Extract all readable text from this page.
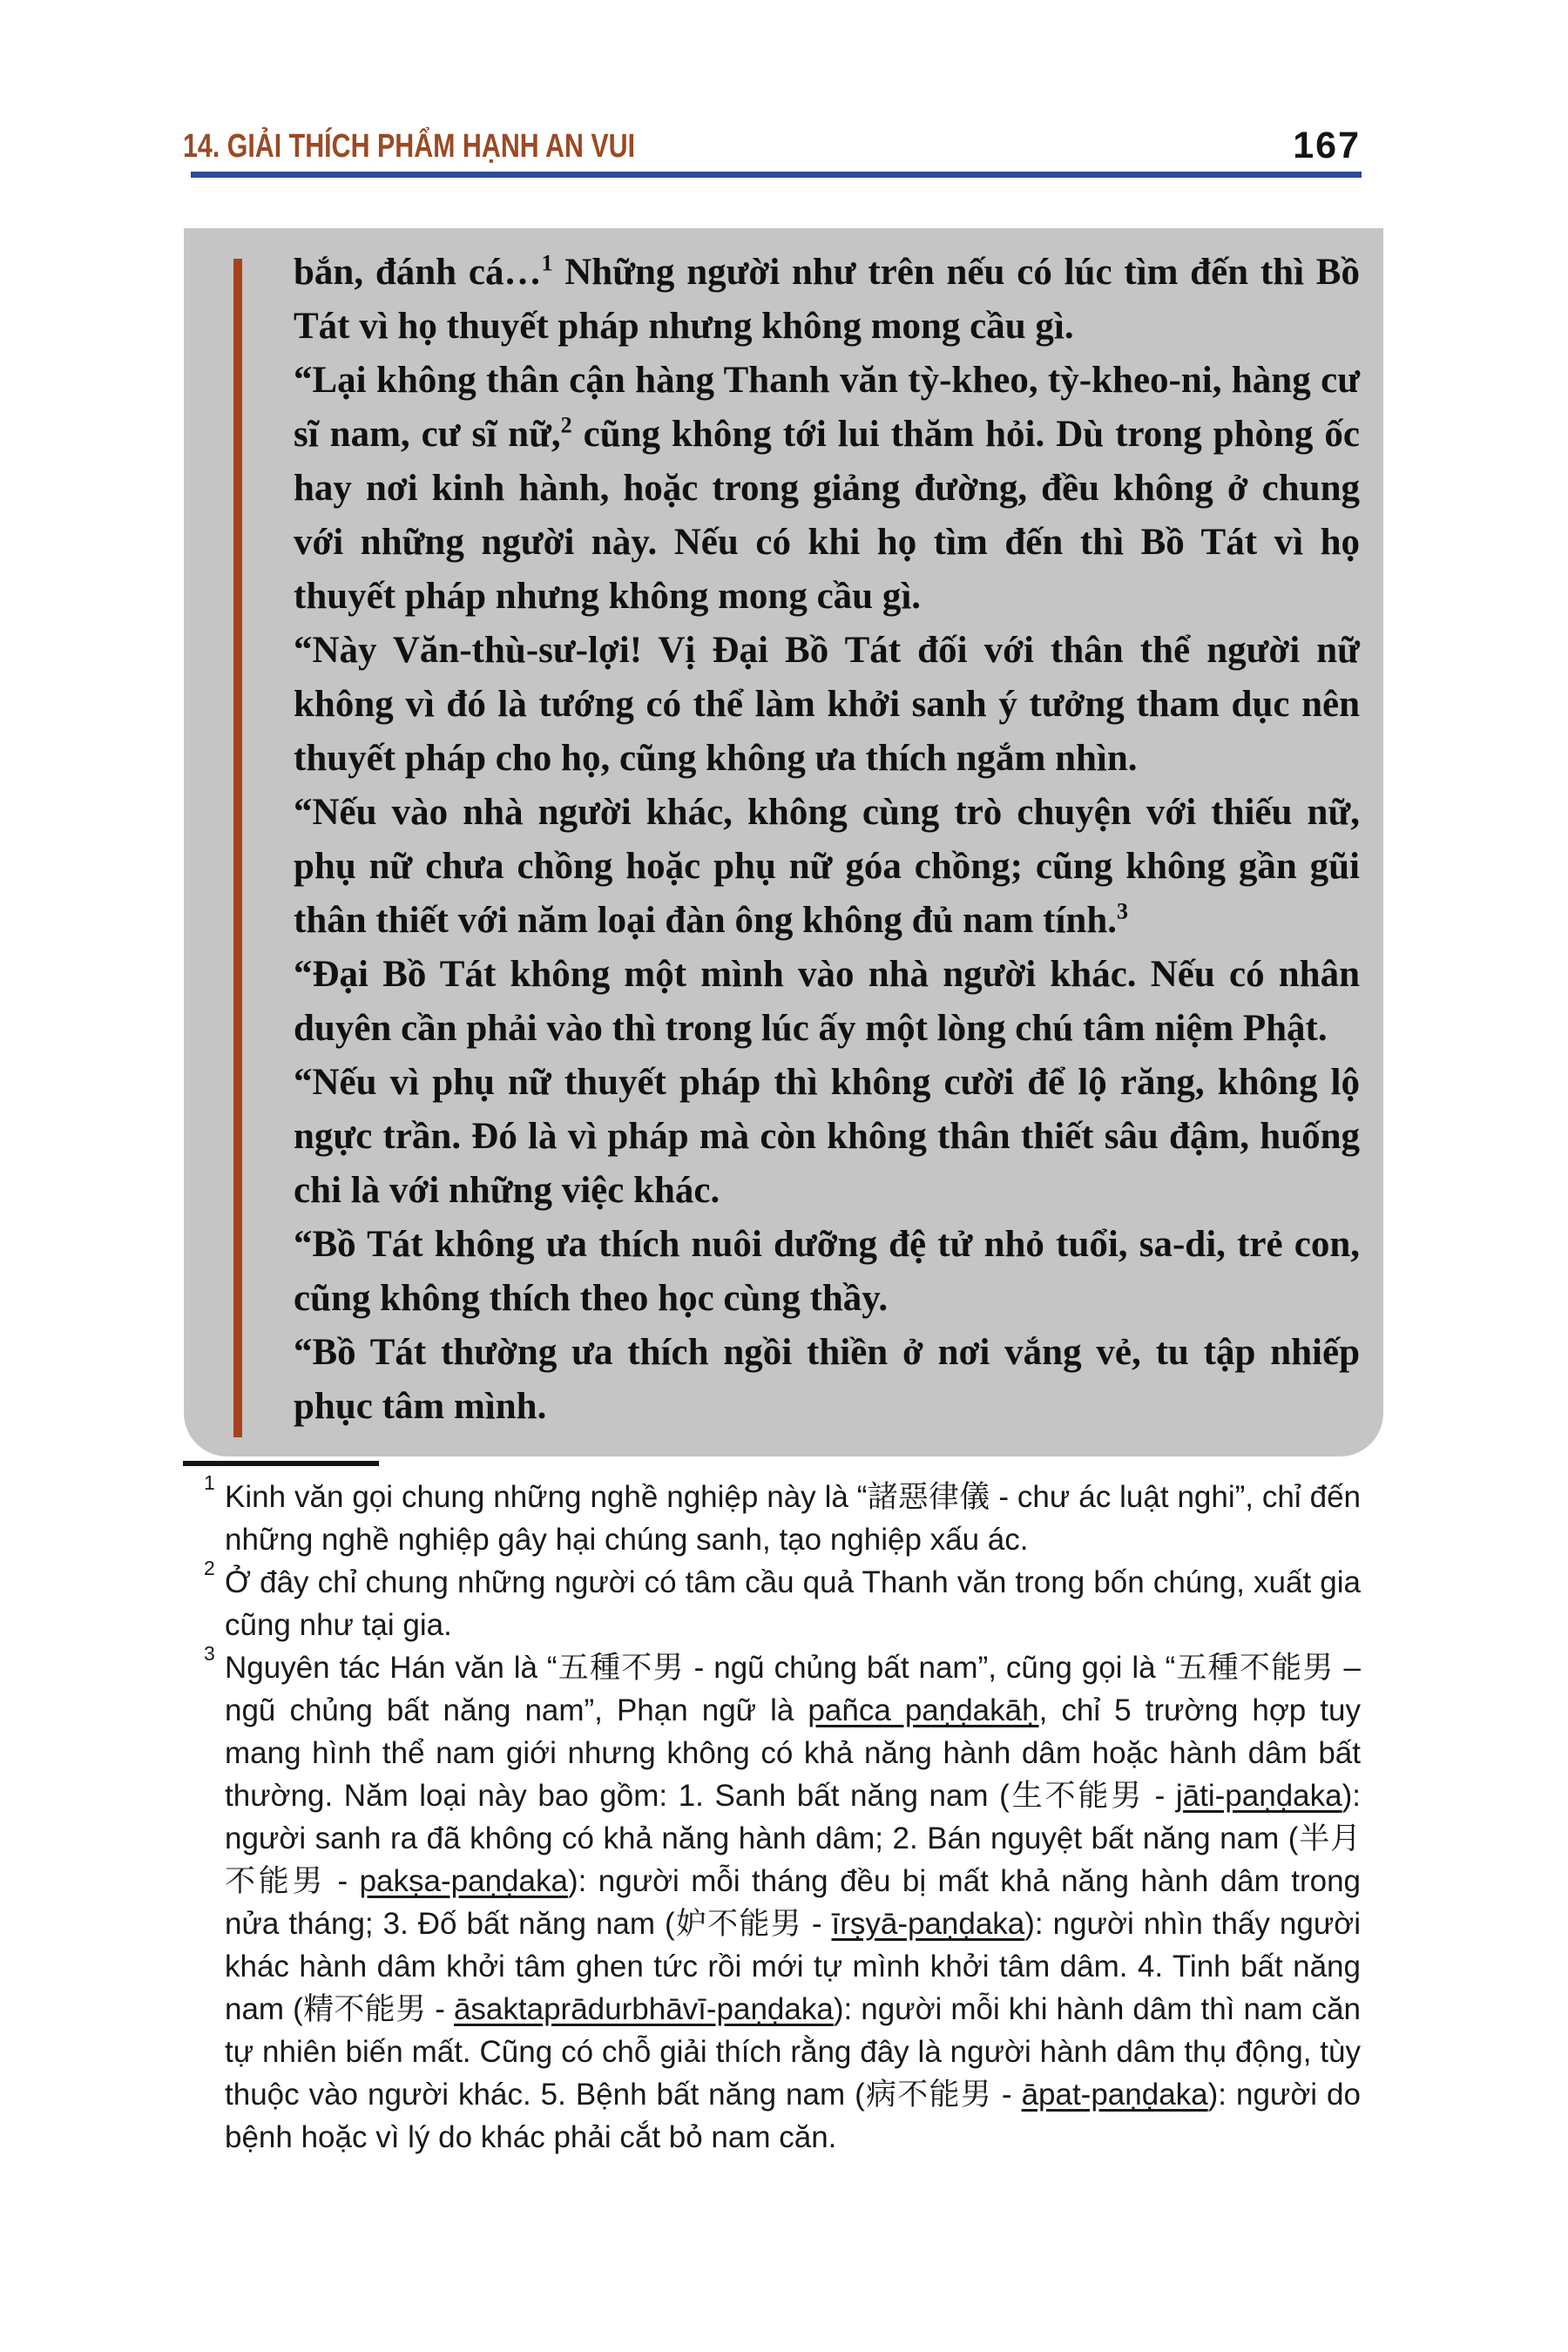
14. GIẢI THÍCH PHẨM HẠNH AN VUI	167

bắn, đánh cá…$^1$ Những người như trên nếu có lúc tìm đến thì Bồ Tát vì họ thuyết pháp nhưng không mong cầu gì.

“Lại không thân cận hàng Thanh văn tỳ-kheo, tỳ-kheo-ni, hàng cư sĩ nam, cư sĩ nữ,$^2$ cũng không tới lui thăm hỏi. Dù trong phòng ốc hay nơi kinh hành, hoặc trong giảng đường, đều không ở chung với những người này. Nếu có khi họ tìm đến thì Bồ Tát vì họ thuyết pháp nhưng không mong cầu gì.

“Này Văn-thù-sư-lợi! Vị Đại Bồ Tát đối với thân thể người nữ không vì đó là tướng có thể làm khởi sanh ý tưởng tham dục nên thuyết pháp cho họ, cũng không ưa thích ngắm nhìn.

“Nếu vào nhà người khác, không cùng trò chuyện với thiếu nữ, phụ nữ chưa chồng hoặc phụ nữ góa chồng; cũng không gần gũi thân thiết với năm loại đàn ông không đủ nam tính.$^3$

“Đại Bồ Tát không một mình vào nhà người khác. Nếu có nhân duyên cần phải vào thì trong lúc ấy một lòng chú tâm niệm Phật.

“Nếu vì phụ nữ thuyết pháp thì không cười để lộ răng, không lộ ngực trần. Đó là vì pháp mà còn không thân thiết sâu đậm, huống chi là với những việc khác.

“Bồ Tát không ưa thích nuôi dưỡng đệ tử nhỏ tuổi, sa-di, trẻ con, cũng không thích theo học cùng thầy.

“Bồ Tát thường ưa thích ngồi thiền ở nơi vắng vẻ, tu tập nhiếp phục tâm mình.

1 Kinh văn gọi chung những nghề nghiệp này là “諸惡律儀 - chư ác luật nghi”, chỉ đến những nghề nghiệp gây hại chúng sanh, tạo nghiệp xấu ác.

2 Ở đây chỉ chung những người có tâm cầu quả Thanh văn trong bốn chúng, xuất gia cũng như tại gia.

3 Nguyên tác Hán văn là “五種不男 - ngũ chủng bất nam”, cũng gọi là “五種不能男 – ngũ chủng bất năng nam”, Phạn ngữ là pañca paṇḍakāḥ, chỉ 5 trường hợp tuy mang hình thể nam giới nhưng không có khả năng hành dâm hoặc hành dâm bất thường. Năm loại này bao gồm: 1. Sanh bất năng nam (生不能男 - jāti-paṇḍaka): người sanh ra đã không có khả năng hành dâm; 2. Bán nguyệt bất năng nam (半月不能男 - pakṣa-paṇḍaka): người mỗi tháng đều bị mất khả năng hành dâm trong nửa tháng; 3. Đố bất năng nam (妒不能男 - īrṣyā-paṇḍaka): người nhìn thấy người khác hành dâm khởi tâm ghen tức rồi mới tự mình khởi tâm dâm. 4. Tinh bất năng nam (精不能男 - āsaktaprādurbhāvī-paṇḍaka): người mỗi khi hành dâm thì nam căn tự nhiên biến mất. Cũng có chỗ giải thích rằng đây là người hành dâm thụ động, tùy thuộc vào người khác. 5. Bệnh bất năng nam (病不能男 - āpat-paṇḍaka): người do bệnh hoặc vì lý do khác phải cắt bỏ nam căn.
